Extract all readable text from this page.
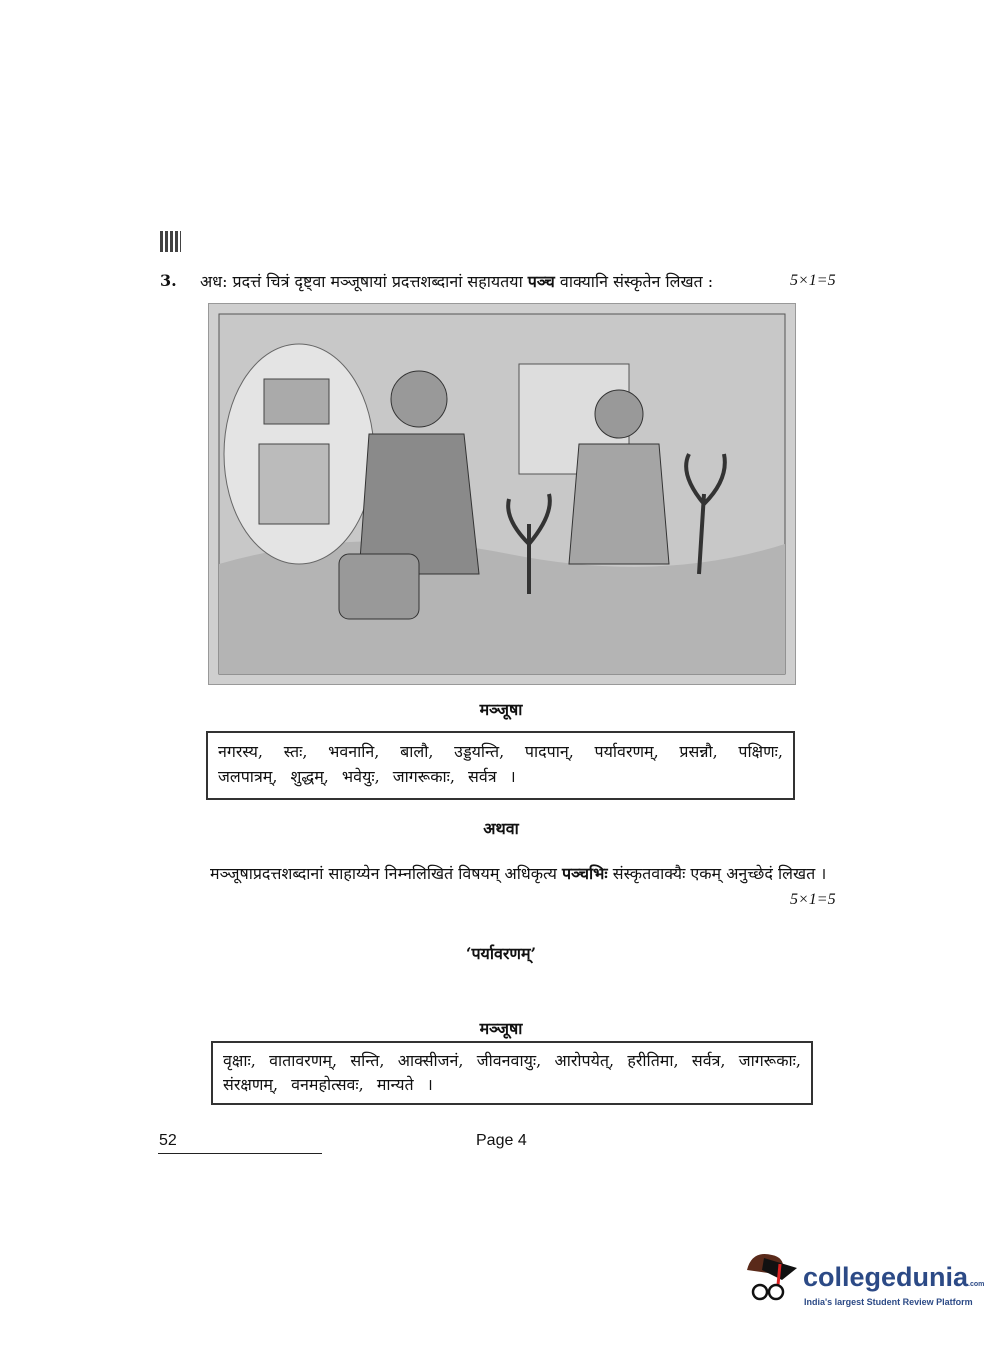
3. अध: प्रदत्तं चित्रं दृष्ट्वा मञ्जूषायां प्रदत्तशब्दानां सहायतया पञ्च वाक्यानि संस्कृतेन लिखत :	5×1=5
मञ्जूषा
नगरस्य, स्तः, भवनानि, बालौ, उड्डयन्ति, पादपान्, पर्यावरणम्, प्रसन्नौ, पक्षिणः, जलपात्रम्, शुद्धम्, भवेयुः, जागरूकाः, सर्वत्र ।
अथवा
मञ्जूषाप्रदत्तशब्दानां साहाय्येन निम्नलिखितं विषयम् अधिकृत्य पञ्चभिः संस्कृतवाक्यैः एकम् अनुच्छेदं लिखत ।
5×1=5
‘पर्यावरणम्’
मञ्जूषा
वृक्षाः, वातावरणम्, सन्ति, आक्सीजनं, जीवनवायुः, आरोपयेत्, हरीतिमा, सर्वत्र, जागरूकाः, संरक्षणम्, वनमहोत्सवः, मान्यते ।
52	Page 4
collegedunia.com
India's largest Student Review Platform
